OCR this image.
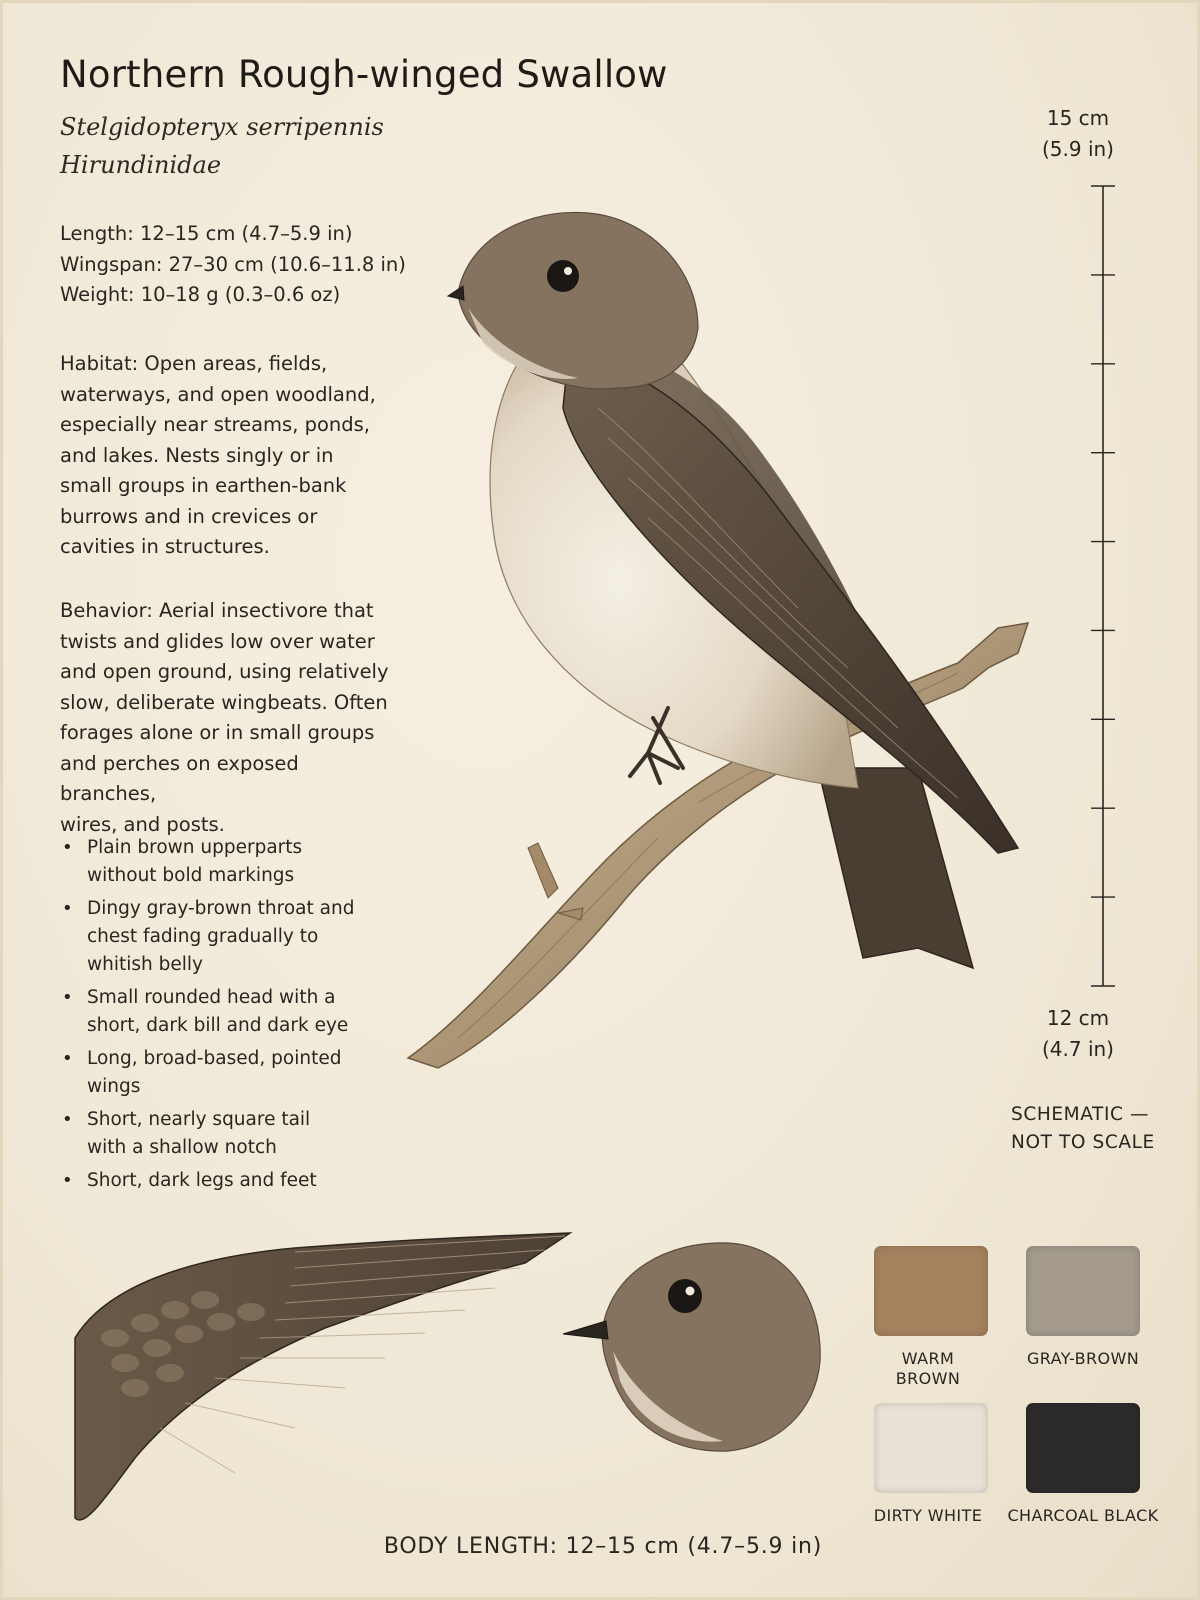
Northern Rough-winged Swallow
Stelgidopteryx serripennis
Hirundinidae
Length: 12–15 cm (4.7–5.9 in)
Wingspan: 27–30 cm (10.6–11.8 in)
Weight: 10–18 g (0.3–0.6 oz)
Habitat: Open areas, fields,
waterways, and open woodland,
especially near streams, ponds,
and lakes. Nests singly or in
small groups in earthen-bank
burrows and in crevices or
cavities in structures.
Behavior: Aerial insectivore that
twists and glides low over water
and open ground, using relatively
slow, deliberate wingbeats. Often
forages alone or in small groups
and perches on exposed branches,
wires, and posts.
• Plain brown upperparts
without bold markings
• Dingy gray-brown throat and
chest fading gradually to
whitish belly
• Small rounded head with a
short, dark bill and dark eye
• Long, broad-based, pointed
wings
• Short, nearly square tail
with a shallow notch
• Short, dark legs and feet
15 cm
(5.9 in)
12 cm
(4.7 in)
SCHEMATIC —
NOT TO SCALE
WARM
BROWN
GRAY-BROWN
DIRTY WHITE	CHARCOAL BLACK
BODY LENGTH: 12–15 cm (4.7–5.9 in)
